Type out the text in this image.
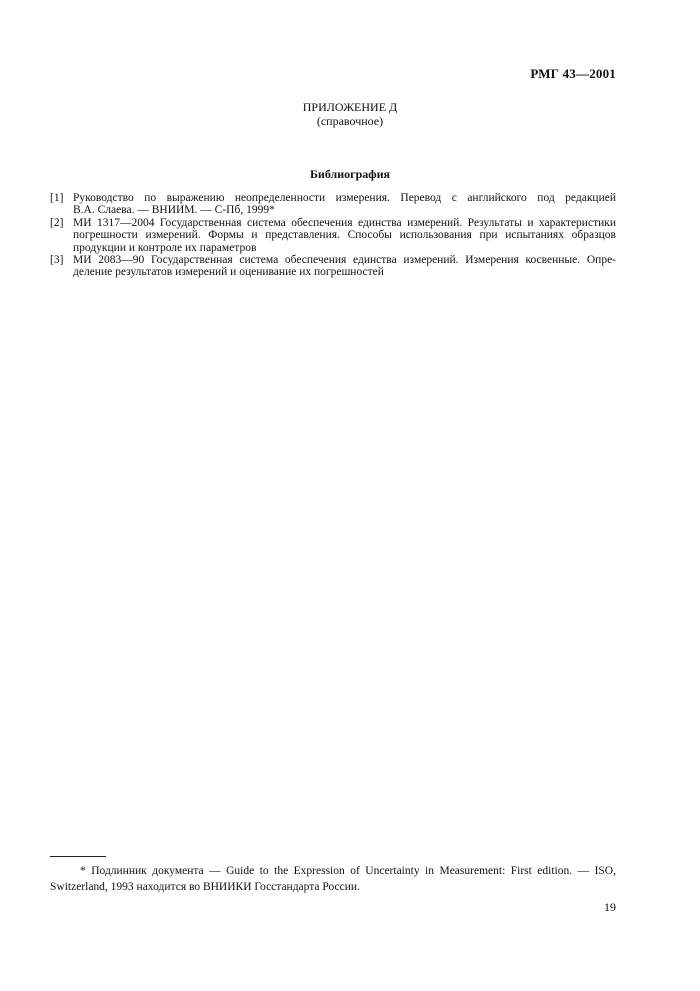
РМГ 43—2001
ПРИЛОЖЕНИЕ Д
(справочное)
Библиография
[1] Руководство по выражению неопределенности измерения. Перевод с английского под редакцией
В.А. Слаева. — ВНИИМ. — С-Пб, 1999*
[2] МИ 1317—2004 Государственная система обеспечения единства измерений. Результаты и характеристики
погрешности измерений. Формы и представления. Способы использования при испытаниях образцов
продукции и контроле их параметров
[3] МИ 2083—90 Государственная система обеспечения единства измерений. Измерения косвенные. Опре-
деление результатов измерений и оценивание их погрешностей
* Подлинник документа — Guide to the Expression of Uncertainty in Measurement: First edition. — ISO,
Switzerland, 1993 находится во ВНИИКИ Госстандарта России.
19
